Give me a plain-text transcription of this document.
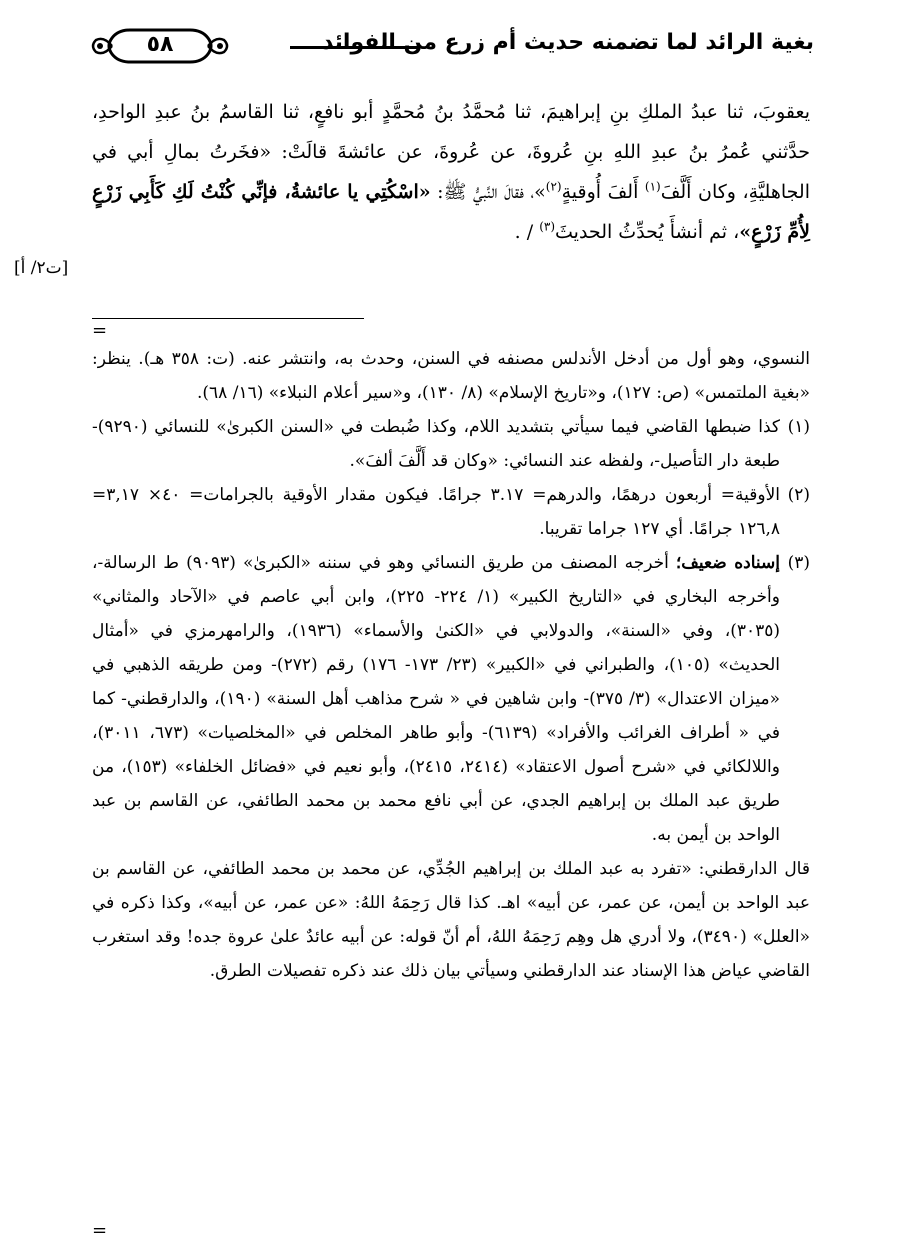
بغية الرائد لما تضمنه حديث أم زرع من الفوائد
٥٨

يعقوبَ، ثنا عبدُ الملكِ بنِ إبراهيمَ، ثنا مُحمَّدُ بنُ مُحمَّدٍ أبو نافعٍ، ثنا القاسمُ بنُ عبدِ الواحدِ، حدَّثني عُمرُ بنُ عبدِ اللهِ بنِ عُروةَ، عن عُروةَ، عن عائشةَ قالَتْ: «فخَرتُ بمالِ أبي في الجاهليَّةِ، وكان أَلَّفَ$^{(١)}$ أَلفَ أُوقيةٍ$^{(٢)}$»، فقالَ النَّبيُّ ﷺ: «اسْكُتِي يا عائشةُ، فإنِّي كُنْتُ لَكِ كَأَبِي زَرْعٍ لِأُمِّ زَرْعٍ»، ثم أنشأَ يُحدِّثُ الحديثَ$^{(٣)}$ / .

[ت٢/ أ]
=

النسوي، وهو أول من أدخل الأندلس مصنفه في السنن، وحدث به، وانتشر عنه. (ت: ٣٥٨ هـ). ينظر: «بغية الملتمس» (ص: ١٢٧)، و«تاريخ الإسلام» (٨/ ١٣٠)، و«سير أعلام النبلاء» (١٦/ ٦٨).

(١)
كذا ضبطها القاضي فيما سيأتي بتشديد اللام، وكذا ضُبطت في «السنن الكبرىٰ» للنسائي (٩٢٩٠)- طبعة دار التأصيل-، ولفظه عند النسائي: «وكان قد أَلَّفَ ألفَ».

(٢)
الأوقية= أربعون درهمًا، والدرهم= ٣.١٧ جرامًا. فيكون مقدار الأوقية بالجرامات= ٤٠× ٣,١٧= ١٢٦,٨ جرامًا. أي ١٢٧ جراما تقريبا.

(٣)
إسناده ضعيف؛ أخرجه المصنف من طريق النسائي وهو في سننه «الكبرىٰ» (٩٠٩٣) ط الرسالة-، وأخرجه البخاري في «التاريخ الكبير» (١/ ٢٢٤- ٢٢٥)، وابن أبي عاصم في «الآحاد والمثاني» (٣٠٣٥)، وفي «السنة»، والدولابي في «الكنىٰ والأسماء» (١٩٣٦)، والرامهرمزي في «أمثال الحديث» (١٠٥)، والطبراني في «الكبير» (٢٣/ ١٧٣- ١٧٦) رقم (٢٧٢)- ومن طريقه الذهبي في «ميزان الاعتدال» (٣/ ٣٧٥)- وابن شاهين في « شرح مذاهب أهل السنة» (١٩٠)، والدارقطني- كما في « أطراف الغرائب والأفراد» (٦١٣٩)- وأبو طاهر المخلص في «المخلصيات» (٦٧٣، ٣٠١١)، واللالكائي في «شرح أصول الاعتقاد» (٢٤١٤، ٢٤١٥)، وأبو نعيم في «فضائل الخلفاء» (١٥٣)، من طريق عبد الملك بن إبراهيم الجدي، عن أبي نافع محمد بن محمد الطائفي، عن القاسم بن عبد الواحد بن أيمن به.

قال الدارقطني: «تفرد به عبد الملك بن إبراهيم الجُدِّي، عن محمد بن محمد الطائفي، عن القاسم بن عبد الواحد بن أيمن، عن عمر، عن أبيه» اهـ. كذا قال رَحِمَهُ اللهُ: «عن عمر، عن أبيه»، وكذا ذكره في «العلل» (٣٤٩٠)، ولا أدري هل وهِم رَحِمَهُ اللهُ، أم أنّ قوله: عن أبيه عائدٌ علىٰ عروة جده! وقد استغرب القاضي عياض هذا الإسناد عند الدارقطني وسيأتي بيان ذلك عند ذكره تفصيلات الطرق.

=
